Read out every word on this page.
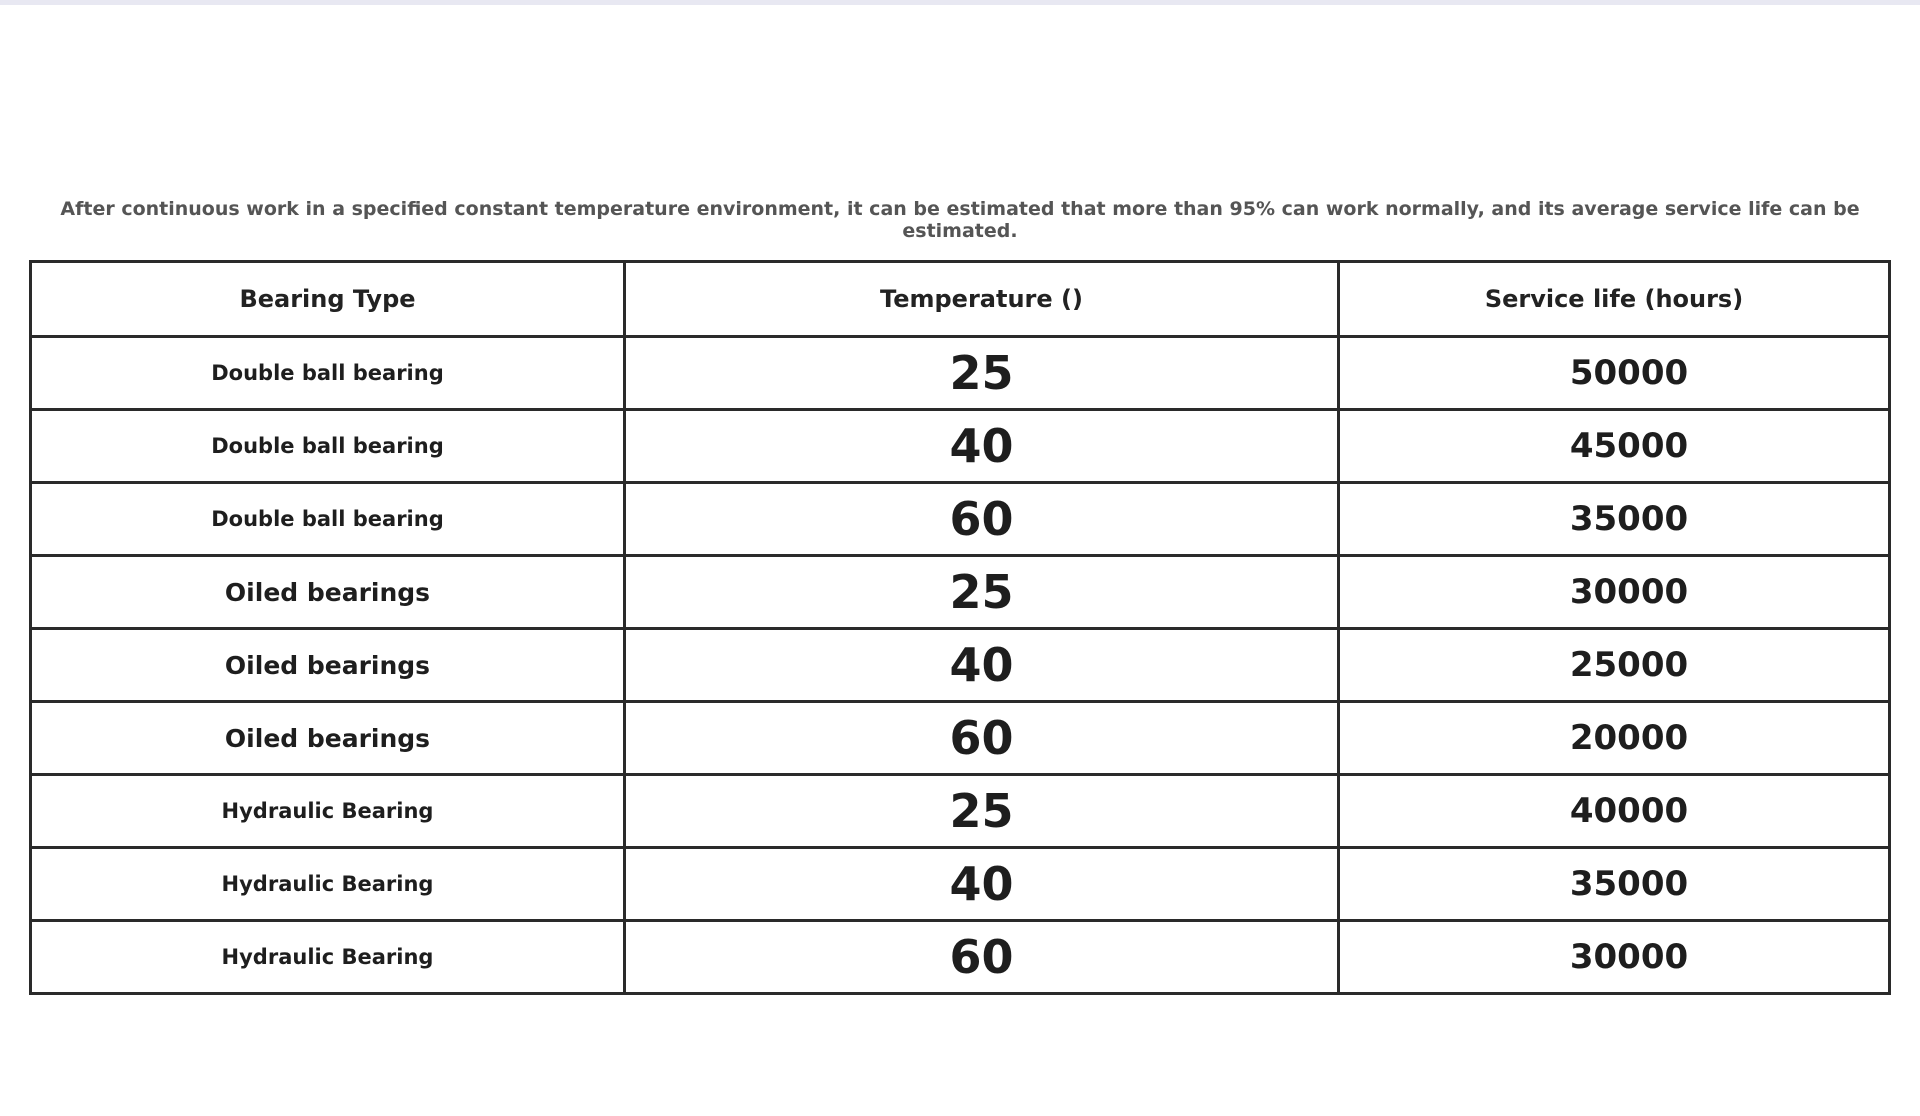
After continuous work in a specified constant temperature environment, it can be estimated that more than 95% can work normally, and its average service life can be estimated.
Bearing Type	Temperature ()	Service life (hours)
Double ball bearing	25	50000
Double ball bearing	40	45000
Double ball bearing	60	35000
Oiled bearings	25	30000
Oiled bearings	40	25000
Oiled bearings	60	20000
Hydraulic Bearing	25	40000
Hydraulic Bearing	40	35000
Hydraulic Bearing	60	30000
